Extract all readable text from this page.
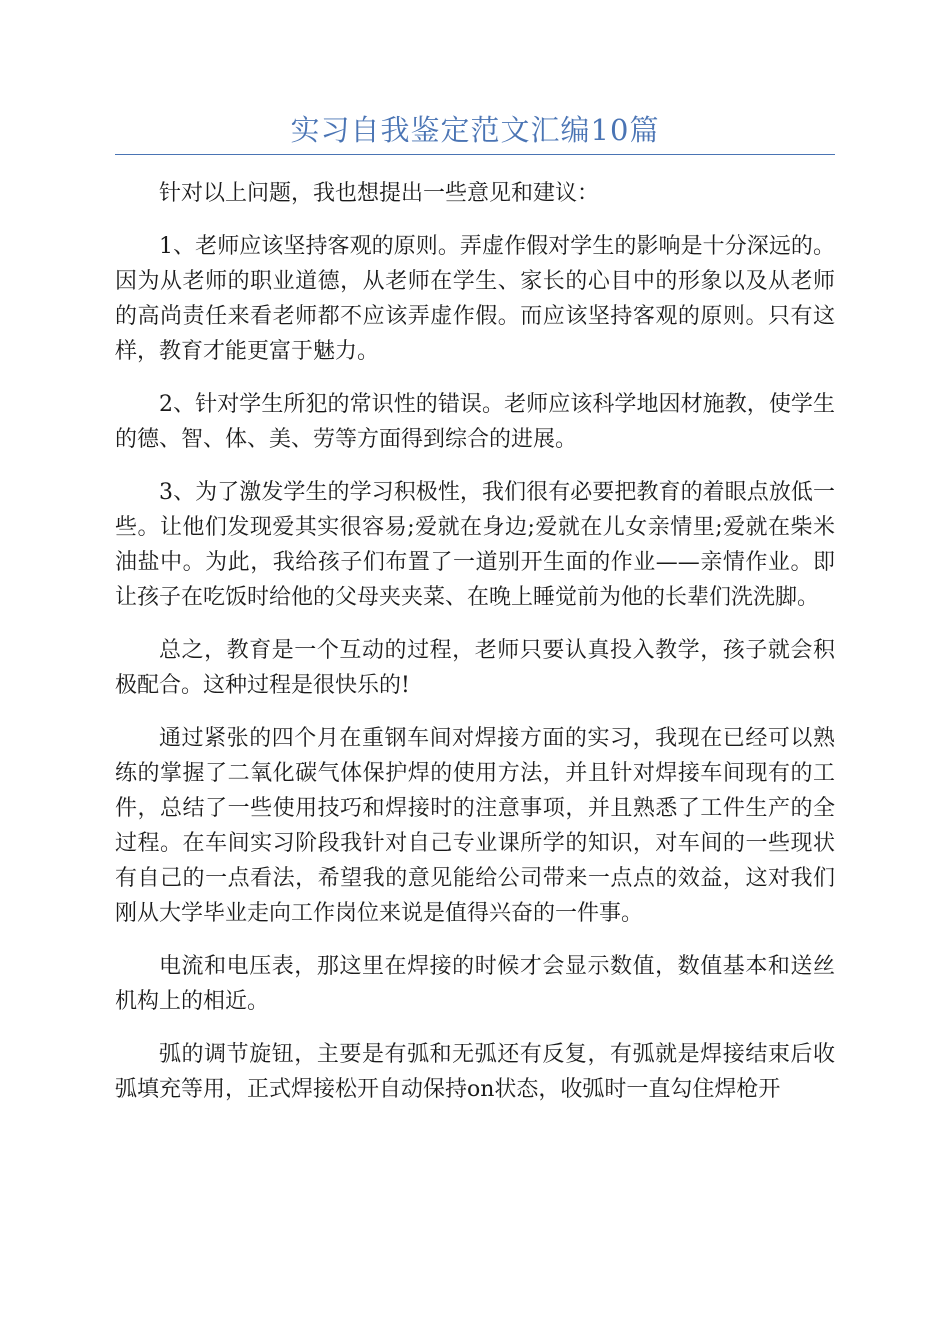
实习自我鉴定范文汇编10篇

针对以上问题，我也想提出一些意见和建议：

1、老师应该坚持客观的原则。弄虚作假对学生的影响是十分深远的。因为从老师的职业道德，从老师在学生、家长的心目中的形象以及从老师的高尚责任来看老师都不应该弄虚作假。而应该坚持客观的原则。只有这样，教育才能更富于魅力。

2、针对学生所犯的常识性的错误。老师应该科学地因材施教，使学生的德、智、体、美、劳等方面得到综合的进展。

3、为了激发学生的学习积极性，我们很有必要把教育的着眼点放低一些。让他们发现爱其实很容易;爱就在身边;爱就在儿女亲情里;爱就在柴米油盐中。为此，我给孩子们布置了一道别开生面的作业——亲情作业。即让孩子在吃饭时给他的父母夹夹菜、在晚上睡觉前为他的长辈们洗洗脚。

总之，教育是一个互动的过程，老师只要认真投入教学，孩子就会积极配合。这种过程是很快乐的!

通过紧张的四个月在重钢车间对焊接方面的实习，我现在已经可以熟练的掌握了二氧化碳气体保护焊的使用方法，并且针对焊接车间现有的工件，总结了一些使用技巧和焊接时的注意事项，并且熟悉了工件生产的全过程。在车间实习阶段我针对自己专业课所学的知识，对车间的一些现状有自己的一点看法，希望我的意见能给公司带来一点点的效益，这对我们刚从大学毕业走向工作岗位来说是值得兴奋的一件事。

电流和电压表，那这里在焊接的时候才会显示数值，数值基本和送丝机构上的相近。

弧的调节旋钮，主要是有弧和无弧还有反复，有弧就是焊接结束后收弧填充等用，正式焊接松开自动保持on状态，收弧时一直勾住焊枪开
